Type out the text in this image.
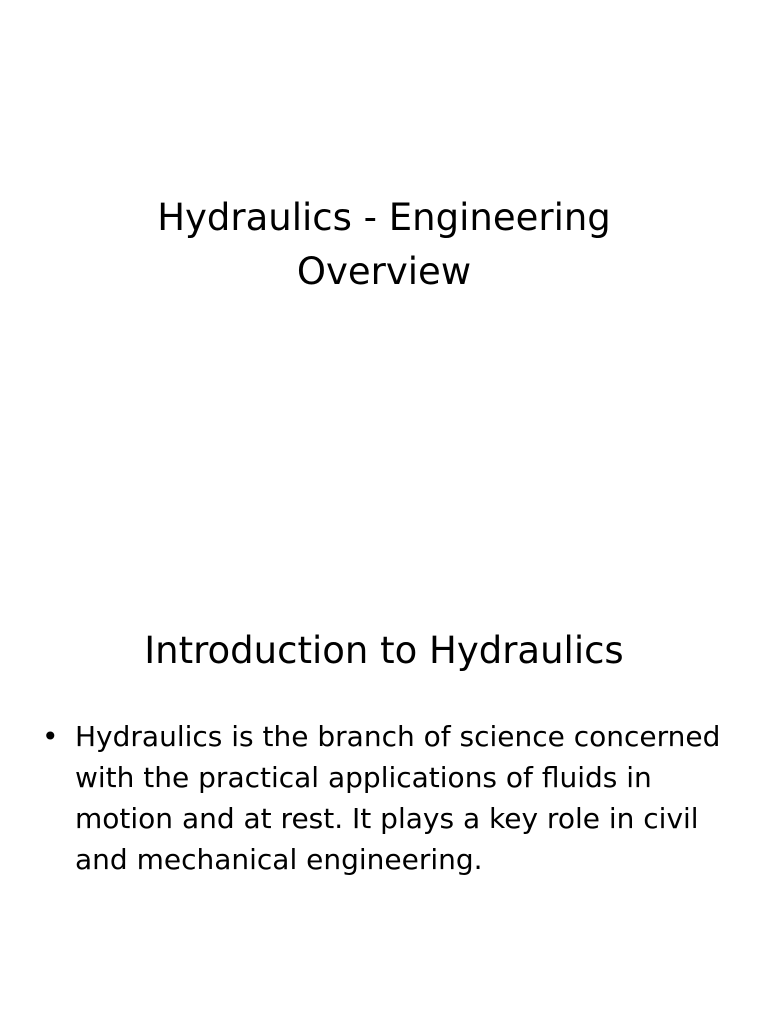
Hydraulics - Engineering
Overview
Introduction to Hydraulics
• Hydraulics is the branch of science concerned with the practical applications of fluids in motion and at rest. It plays a key role in civil and mechanical engineering.
